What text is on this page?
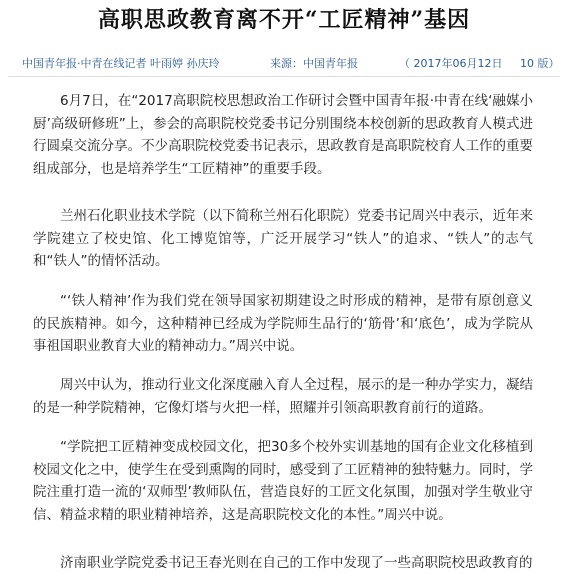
高职思政教育离不开“工匠精神”基因
中国青年报·中青在线记者 叶雨婷 孙庆玲	来源：中国青年报	（ 2017年06月12日 10 版）

6月7日，在“2017高职院校思想政治工作研讨会暨中国青年报·中青在线‘融媒小厨’高级研修班”上，参会的高职院校党委书记分别围绕本校创新的思政教育人模式进行圆桌交流分享。不少高职院校党委书记表示，思政教育是高职院校育人工作的重要组成部分，也是培养学生“工匠精神”的重要手段。

兰州石化职业技术学院（以下简称兰州石化职院）党委书记周兴中表示，近年来学院建立了校史馆、化工博览馆等，广泛开展学习“铁人”的追求、“铁人”的志气和“铁人”的情怀活动。

“‘铁人精神’作为我们党在领导国家初期建设之时形成的精神，是带有原创意义的民族精神。如今，这种精神已经成为学院师生品行的‘筋骨’和‘底色’，成为学院从事祖国职业教育大业的精神动力。”周兴中说。

周兴中认为，推动行业文化深度融入育人全过程，展示的是一种办学实力，凝结的是一种学院精神，它像灯塔与火把一样，照耀并引领高职教育前行的道路。

“学院把工匠精神变成校园文化，把30多个校外实训基地的国有企业文化移植到校园文化之中，使学生在受到熏陶的同时，感受到了工匠精神的独特魅力。同时，学院注重打造一流的‘双师型’教师队伍，营造良好的工匠文化氛围，加强对学生敬业守信、精益求精的职业精神培养，这是高职院校文化的本性。”周兴中说。

济南职业学院党委书记王春光则在自己的工作中发现了一些高职院校思政教育的
